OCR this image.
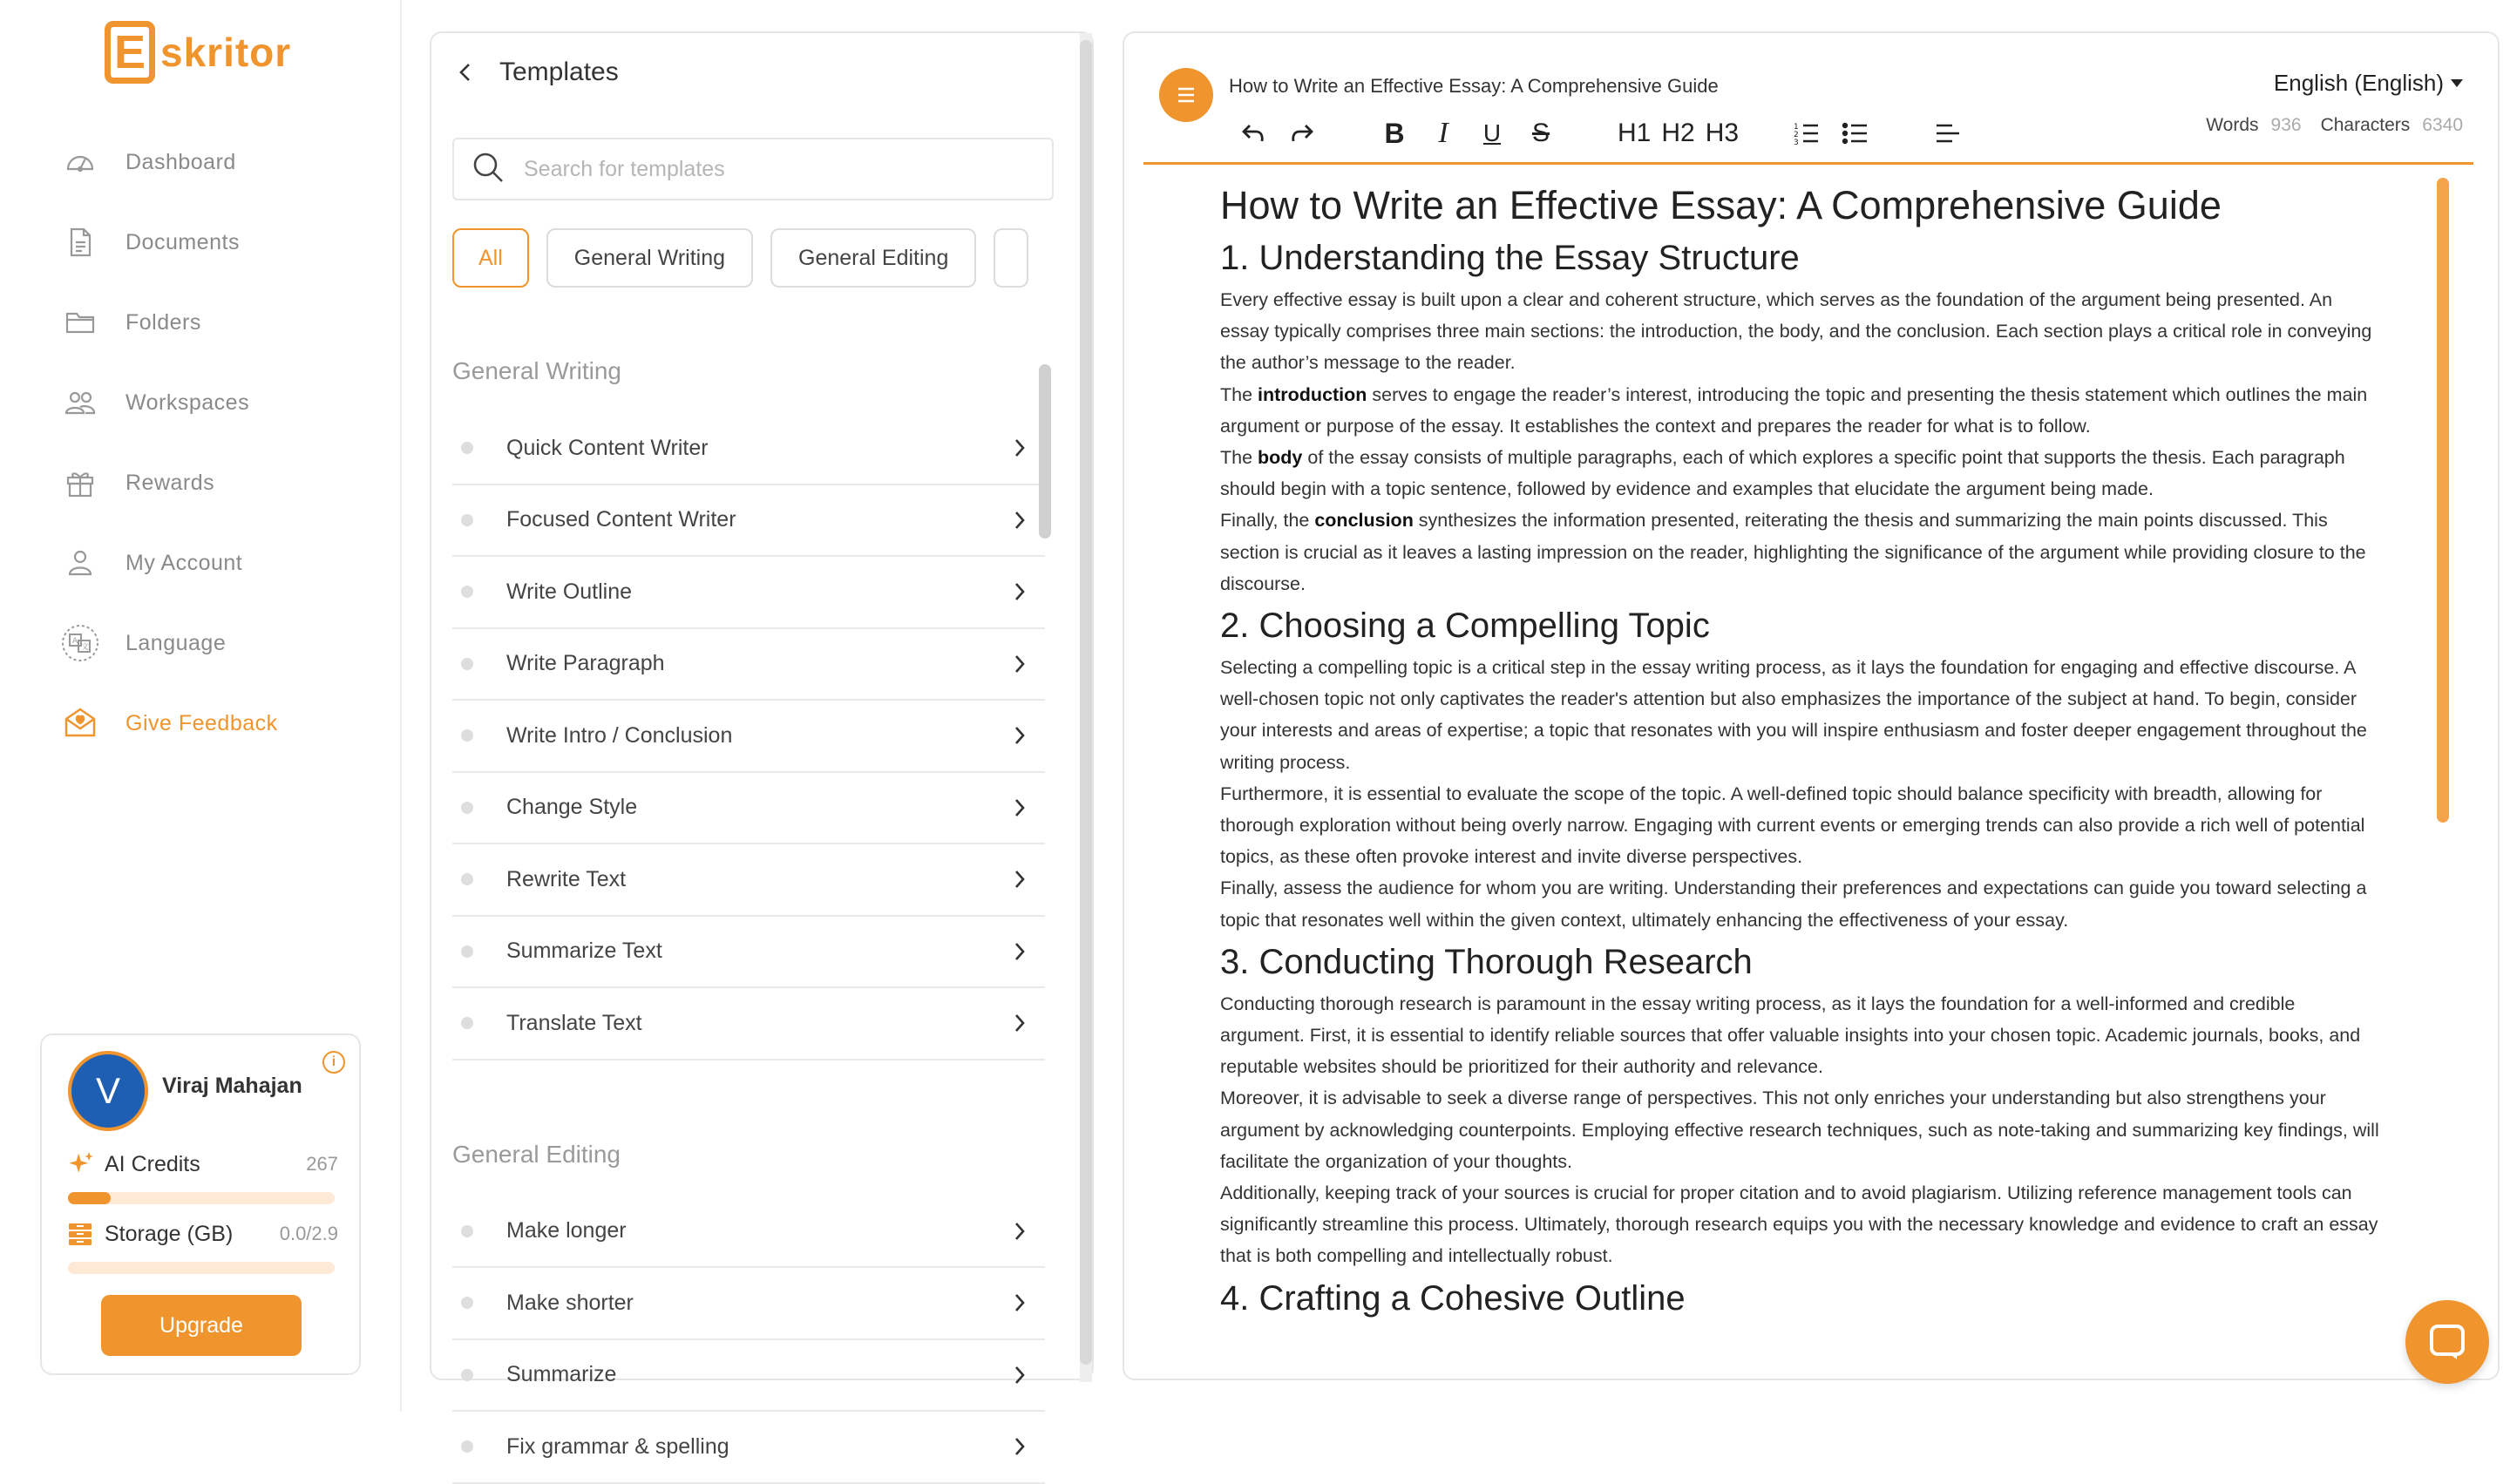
E skritor
Dashboard
Documents
Folders
Workspaces
Rewards
My Account
A
文 Language
Give Feedback
V	Viraj Mahajan
i
AI Credits	267
Storage (GB)	0.0/2.9
Upgrade
Templates
Search for templates
All	General Writing	General Editing
General Writing
Quick Content Writer
Focused Content Writer
Write Outline
Write Paragraph
Write Intro / Conclusion
Change Style
Rewrite Text
Summarize Text
Translate Text
General Editing
Make longer
Make shorter
Summarize
Fix grammar & spelling
How to Write an Effective Essay: A Comprehensive Guide
B	I	U S	H1 H2 H3	1
2
3
English (English)
Words 936 Characters 6340
How to Write an Effective Essay: A Comprehensive Guide
1. Understanding the Essay Structure

Every effective essay is built upon a clear and coherent structure, which serves as the foundation of the argument being presented. An essay typically comprises three main sections: the introduction, the body, and the conclusion. Each section plays a critical role in conveying the author’s message to the reader.

The introduction serves to engage the reader’s interest, introducing the topic and presenting the thesis statement which outlines the main argument or purpose of the essay. It establishes the context and prepares the reader for what is to follow.

The body of the essay consists of multiple paragraphs, each of which explores a specific point that supports the thesis. Each paragraph should begin with a topic sentence, followed by evidence and examples that elucidate the argument being made.

Finally, the conclusion synthesizes the information presented, reiterating the thesis and summarizing the main points discussed. This section is crucial as it leaves a lasting impression on the reader, highlighting the significance of the argument while providing closure to the discourse.

2. Choosing a Compelling Topic

Selecting a compelling topic is a critical step in the essay writing process, as it lays the foundation for engaging and effective discourse. A well-chosen topic not only captivates the reader's attention but also emphasizes the importance of the subject at hand. To begin, consider your interests and areas of expertise; a topic that resonates with you will inspire enthusiasm and foster deeper engagement throughout the writing process.

Furthermore, it is essential to evaluate the scope of the topic. A well-defined topic should balance specificity with breadth, allowing for thorough exploration without being overly narrow. Engaging with current events or emerging trends can also provide a rich well of potential topics, as these often provoke interest and invite diverse perspectives.

Finally, assess the audience for whom you are writing. Understanding their preferences and expectations can guide you toward selecting a topic that resonates well within the given context, ultimately enhancing the effectiveness of your essay.

3. Conducting Thorough Research

Conducting thorough research is paramount in the essay writing process, as it lays the foundation for a well-informed and credible argument. First, it is essential to identify reliable sources that offer valuable insights into your chosen topic. Academic journals, books, and reputable websites should be prioritized for their authority and relevance.

Moreover, it is advisable to seek a diverse range of perspectives. This not only enriches your understanding but also strengthens your argument by acknowledging counterpoints. Employing effective research techniques, such as note-taking and summarizing key findings, will facilitate the organization of your thoughts.

Additionally, keeping track of your sources is crucial for proper citation and to avoid plagiarism. Utilizing reference management tools can significantly streamline this process. Ultimately, thorough research equips you with the necessary knowledge and evidence to craft an essay that is both compelling and intellectually robust.

4. Crafting a Cohesive Outline
